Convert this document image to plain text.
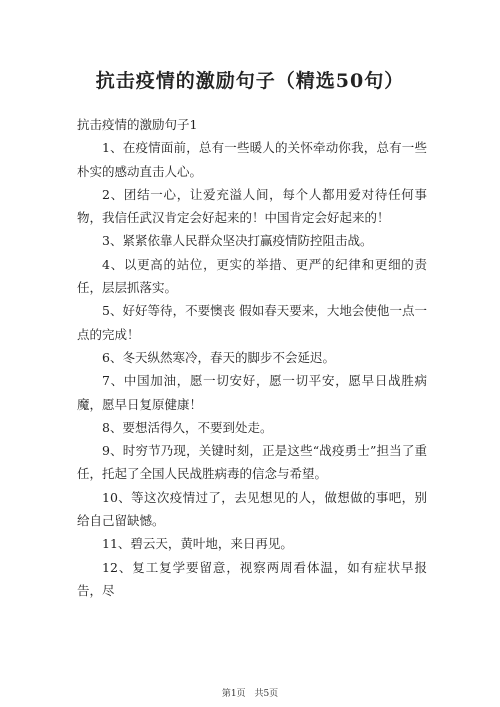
抗击疫情的激励句子（精选50句）

抗击疫情的激励句子1

1、在疫情面前，总有一些暖人的关怀牵动你我，总有一些朴实的感动直击人心。

2、团结一心，让爱充溢人间，每个人都用爱对待任何事物，我信任武汉肯定会好起来的！中国肯定会好起来的！

3、紧紧依靠人民群众坚决打赢疫情防控阻击战。

4、以更高的站位，更实的举措、更严的纪律和更细的责任，层层抓落实。

5、好好等待，不要懊丧 假如春天要来，大地会使他一点一点的完成！

6、冬天纵然寒冷，春天的脚步不会延迟。

7、中国加油，愿一切安好，愿一切平安，愿早日战胜病魔，愿早日复原健康！

8、要想活得久，不要到处走。

9、时穷节乃现，关键时刻，正是这些“战疫勇士”担当了重任，托起了全国人民战胜病毒的信念与希望。

10、等这次疫情过了，去见想见的人，做想做的事吧，别给自己留缺憾。

11、碧云天，黄叶地，来日再见。

12、复工复学要留意，视察两周看体温，如有症状早报告，尽

第1页 共5页
